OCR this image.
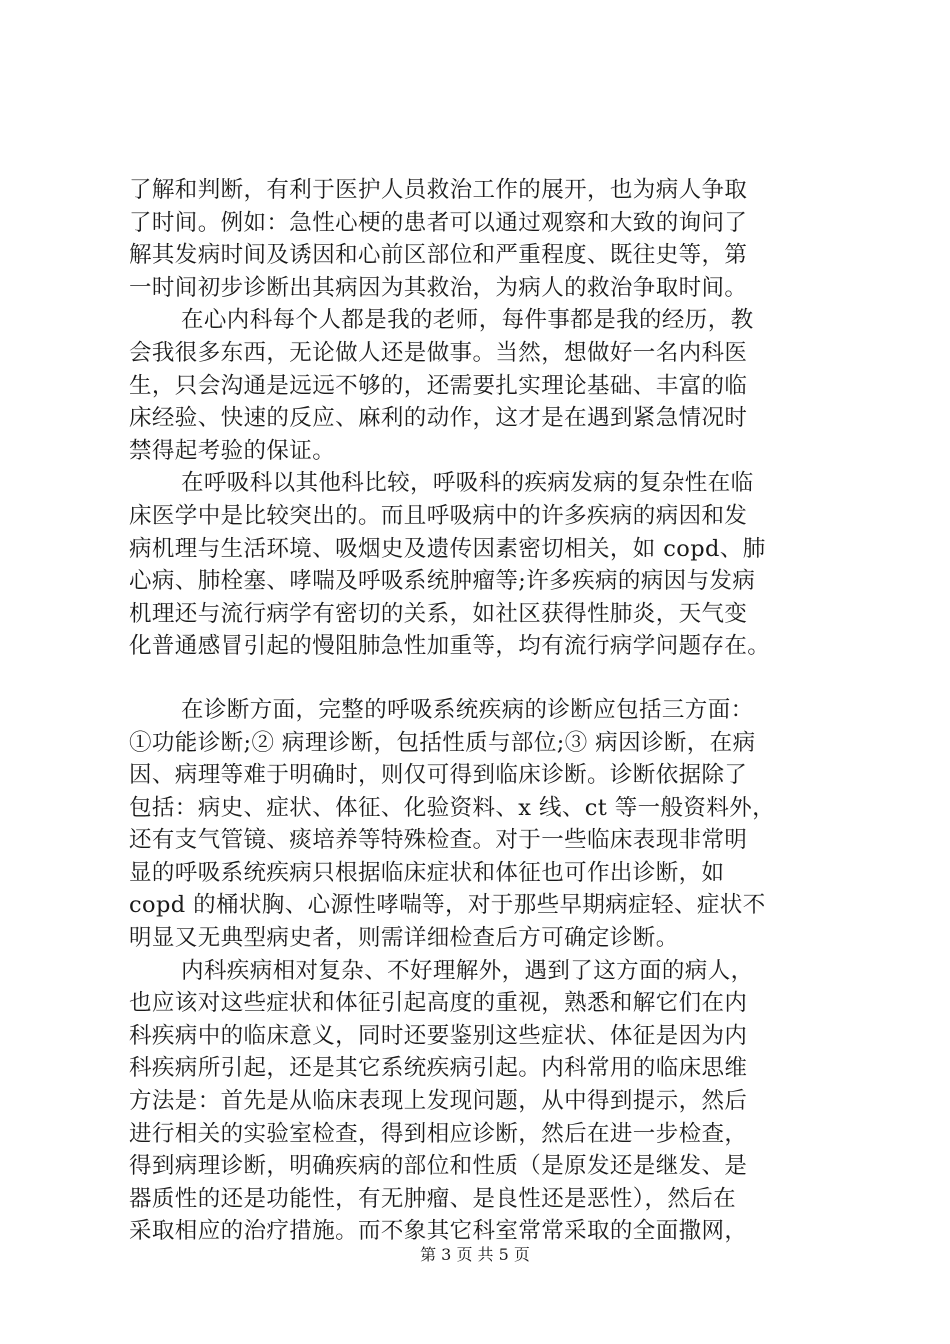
了解和判断，有利于医护人员救治工作的展开，也为病人争取
了时间。例如：急性心梗的患者可以通过观察和大致的询问了
解其发病时间及诱因和心前区部位和严重程度、既往史等，第
一时间初步诊断出其病因为其救治，为病人的救治争取时间。
在心内科每个人都是我的老师，每件事都是我的经历，教
会我很多东西，无论做人还是做事。当然，想做好一名内科医
生，只会沟通是远远不够的，还需要扎实理论基础、丰富的临
床经验、快速的反应、麻利的动作，这才是在遇到紧急情况时
禁得起考验的保证。
在呼吸科以其他科比较，呼吸科的疾病发病的复杂性在临
床医学中是比较突出的。而且呼吸病中的许多疾病的病因和发
病机理与生活环境、吸烟史及遗传因素密切相关，如 copd、肺
心病、肺栓塞、哮喘及呼吸系统肿瘤等;许多疾病的病因与发病
机理还与流行病学有密切的关系，如社区获得性肺炎，天气变
化普通感冒引起的慢阻肺急性加重等，均有流行病学问题存在。
在诊断方面，完整的呼吸系统疾病的诊断应包括三方面：
①功能诊断;② 病理诊断，包括性质与部位;③ 病因诊断，在病
因、病理等难于明确时，则仅可得到临床诊断。诊断依据除了
包括：病史、症状、体征、化验资料、x 线、ct 等一般资料外，
还有支气管镜、痰培养等特殊检查。对于一些临床表现非常明
显的呼吸系统疾病只根据临床症状和体征也可作出诊断，如
copd 的桶状胸、心源性哮喘等，对于那些早期病症轻、症状不
明显又无典型病史者，则需详细检查后方可确定诊断。
内科疾病相对复杂、不好理解外，遇到了这方面的病人，
也应该对这些症状和体征引起高度的重视，熟悉和解它们在内
科疾病中的临床意义，同时还要鉴别这些症状、体征是因为内
科疾病所引起，还是其它系统疾病引起。内科常用的临床思维
方法是：首先是从临床表现上发现问题，从中得到提示，然后
进行相关的实验室检查，得到相应诊断，然后在进一步检查，
得到病理诊断，明确疾病的部位和性质（是原发还是继发、是
器质性的还是功能性，有无肿瘤、是良性还是恶性），然后在
采取相应的治疗措施。而不象其它科室常常采取的全面撒网，
第 3 页 共 5 页
